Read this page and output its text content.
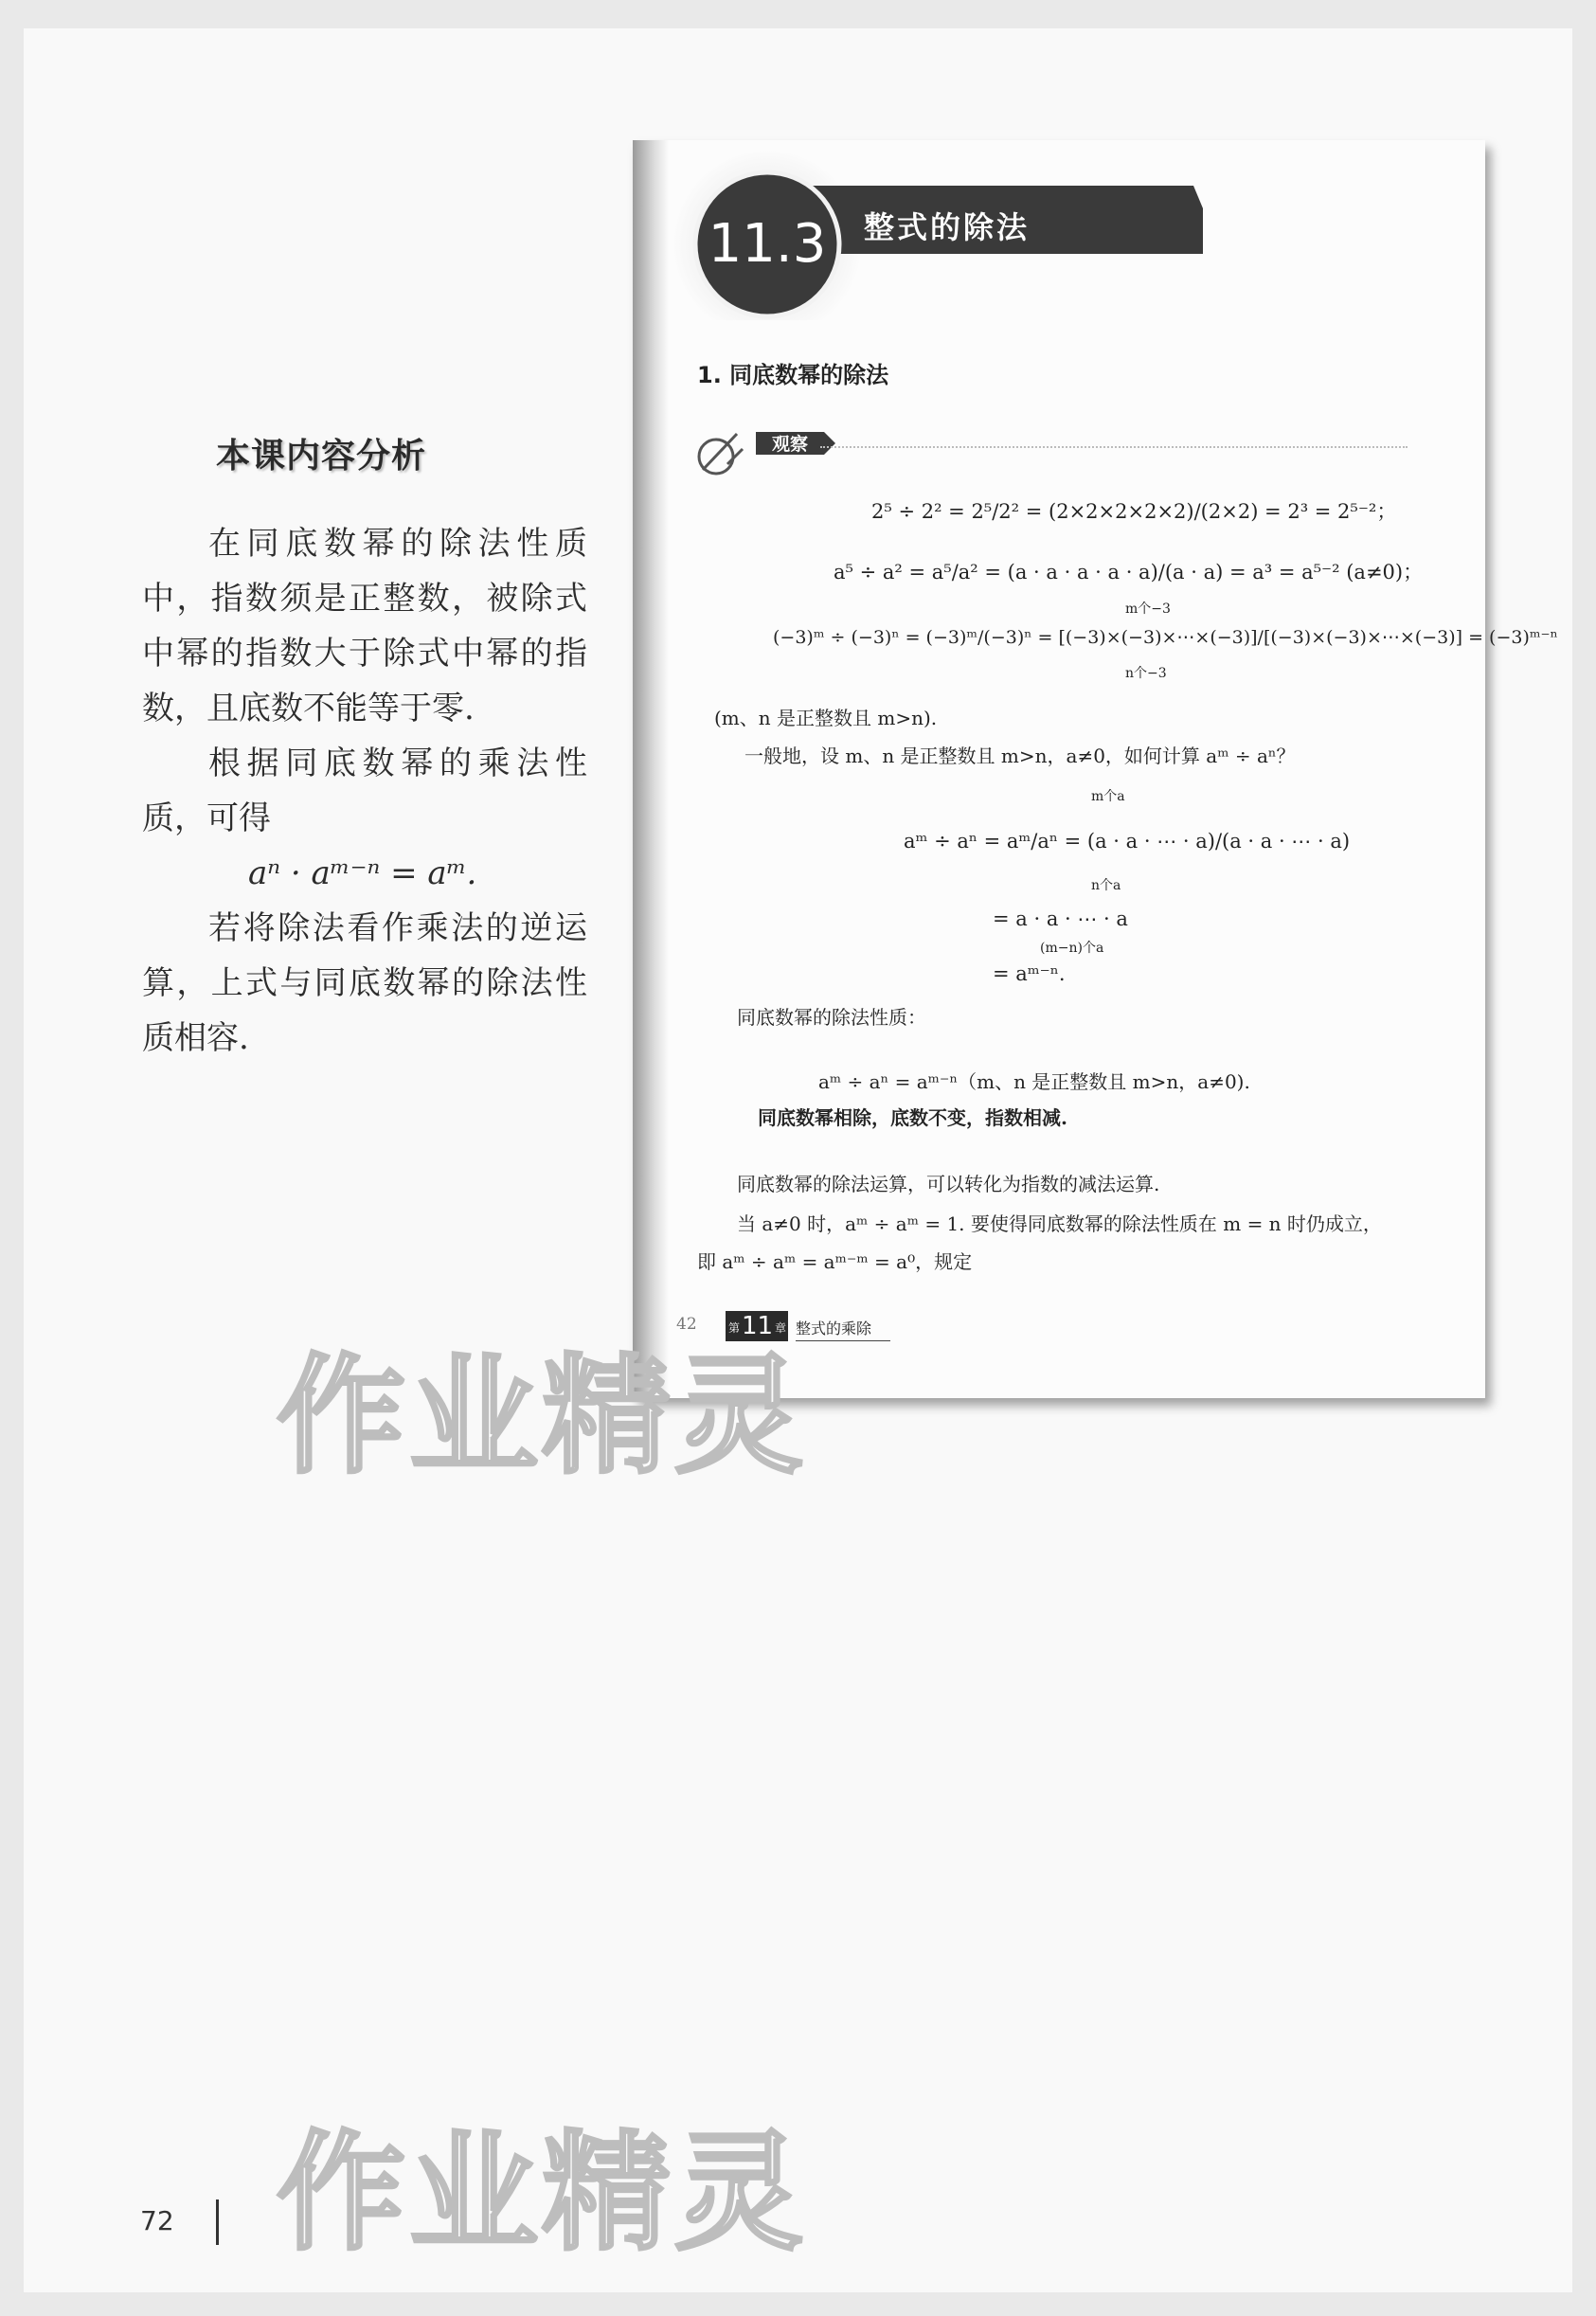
本课内容分析

在同底数幂的除法性质中，指数须是正整数，被除式中幂的指数大于除式中幂的指数，且底数不能等于零.

根据同底数幂的乘法性质，可得

aⁿ · aᵐ⁻ⁿ = aᵐ.

若将除法看作乘法的逆运算，上式与同底数幂的除法性质相容.

11.3 整式的除法
1. 同底数幂的除法
观察
2⁵ ÷ 2² = 2⁵/2² = (2×2×2×2×2)/(2×2) = 2³ = 2⁵⁻²；
a⁵ ÷ a² = a⁵/a² = (a · a · a · a · a)/(a · a) = a³ = a⁵⁻² (a≠0)；
m个−3
(−3)ᵐ ÷ (−3)ⁿ = (−3)ᵐ/(−3)ⁿ = [(−3)×(−3)×⋯×(−3)]/[(−3)×(−3)×⋯×(−3)] = (−3)ᵐ⁻ⁿ
n个−3
(m、n 是正整数且 m>n).
一般地，设 m、n 是正整数且 m>n，a≠0，如何计算 aᵐ ÷ aⁿ？
m个a
aᵐ ÷ aⁿ = aᵐ/aⁿ = (a · a · ⋯ · a)/(a · a · ⋯ · a)
n个a
= a · a · ⋯ · a
(m−n)个a
= aᵐ⁻ⁿ.
同底数幂的除法性质：
aᵐ ÷ aⁿ = aᵐ⁻ⁿ（m、n 是正整数且 m>n，a≠0).
同底数幂相除，底数不变，指数相减.
同底数幂的除法运算，可以转化为指数的减法运算.
当 a≠0 时，aᵐ ÷ aᵐ = 1. 要使得同底数幂的除法性质在 m = n 时仍成立，
即 aᵐ ÷ aᵐ = aᵐ⁻ᵐ = a⁰，规定
42	第 11 章 整式的乘除
作业精灵
作业精灵
72
